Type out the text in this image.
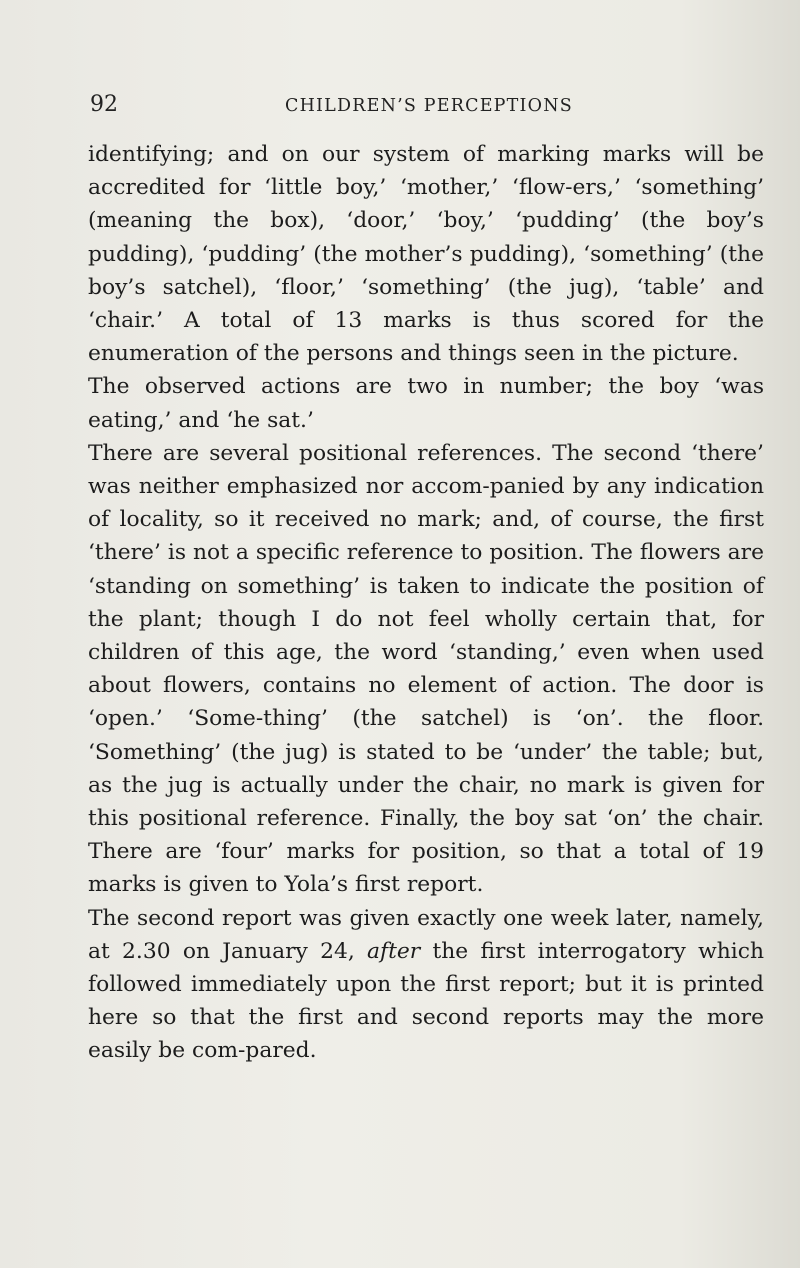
92	CHILDREN’S PERCEPTIONS

identifying; and on our system of marking marks will be accredited for ‘little boy,’ ‘mother,’ ‘flow-ers,’ ‘something’ (meaning the box), ‘door,’ ‘boy,’ ‘pudding’ (the boy’s pudding), ‘pudding’ (the mother’s pudding), ‘something’ (the boy’s satchel), ‘floor,’ ‘something’ (the jug), ‘table’ and ‘chair.’ A total of 13 marks is thus scored for the enumeration of the persons and things seen in the picture.

The observed actions are two in number; the boy ‘was eating,’ and ‘he sat.’

There are several positional references. The second ‘there’ was neither emphasized nor accom-panied by any indication of locality, so it received no mark; and, of course, the first ‘there’ is not a specific reference to position. The flowers are ‘standing on something’ is taken to indicate the position of the plant; though I do not feel wholly certain that, for children of this age, the word ‘standing,’ even when used about flowers, contains no element of action. The door is ‘open.’ ‘Some-thing’ (the satchel) is ‘on’. the floor. ‘Something’ (the jug) is stated to be ‘under’ the table; but, as the jug is actually under the chair, no mark is given for this positional reference. Finally, the boy sat ‘on’ the chair. There are ‘four’ marks for position, so that a total of 19 marks is given to Yola’s first report.

The second report was given exactly one week later, namely, at 2.30 on January 24, after the first interrogatory which followed immediately upon the first report; but it is printed here so that the first and second reports may the more easily be com-pared.
